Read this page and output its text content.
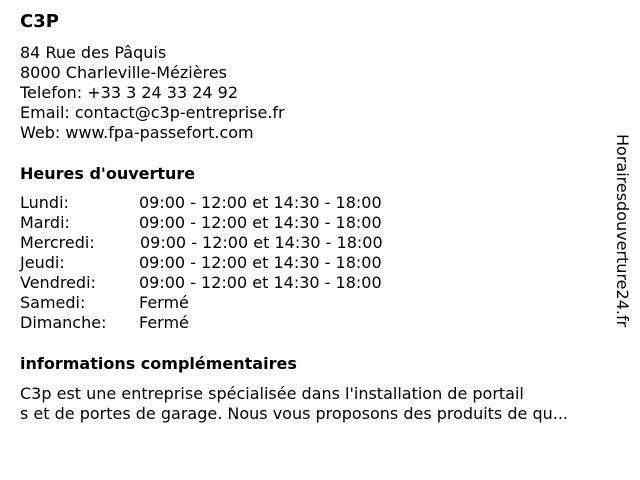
C3P
84 Rue des Pâquis
8000 Charleville-Mézières
Telefon: +33 3 24 33 24 92
Email: contact@c3p-entreprise.fr
Web: www.fpa-passefort.com
Heures d'ouverture
Lundi:	09:00 - 12:00 et 14:30 - 18:00
Mardi:	09:00 - 12:00 et 14:30 - 18:00
Mercredi:	09:00 - 12:00 et 14:30 - 18:00
Jeudi:	09:00 - 12:00 et 14:30 - 18:00
Vendredi:	09:00 - 12:00 et 14:30 - 18:00
Samedi:	Fermé
Dimanche: Fermé
informations complémentaires
C3p est une entreprise spécialisée dans l'installation de portail
s et de portes de garage. Nous vous proposons des produits de qu...
Horairesdouverture24.fr
